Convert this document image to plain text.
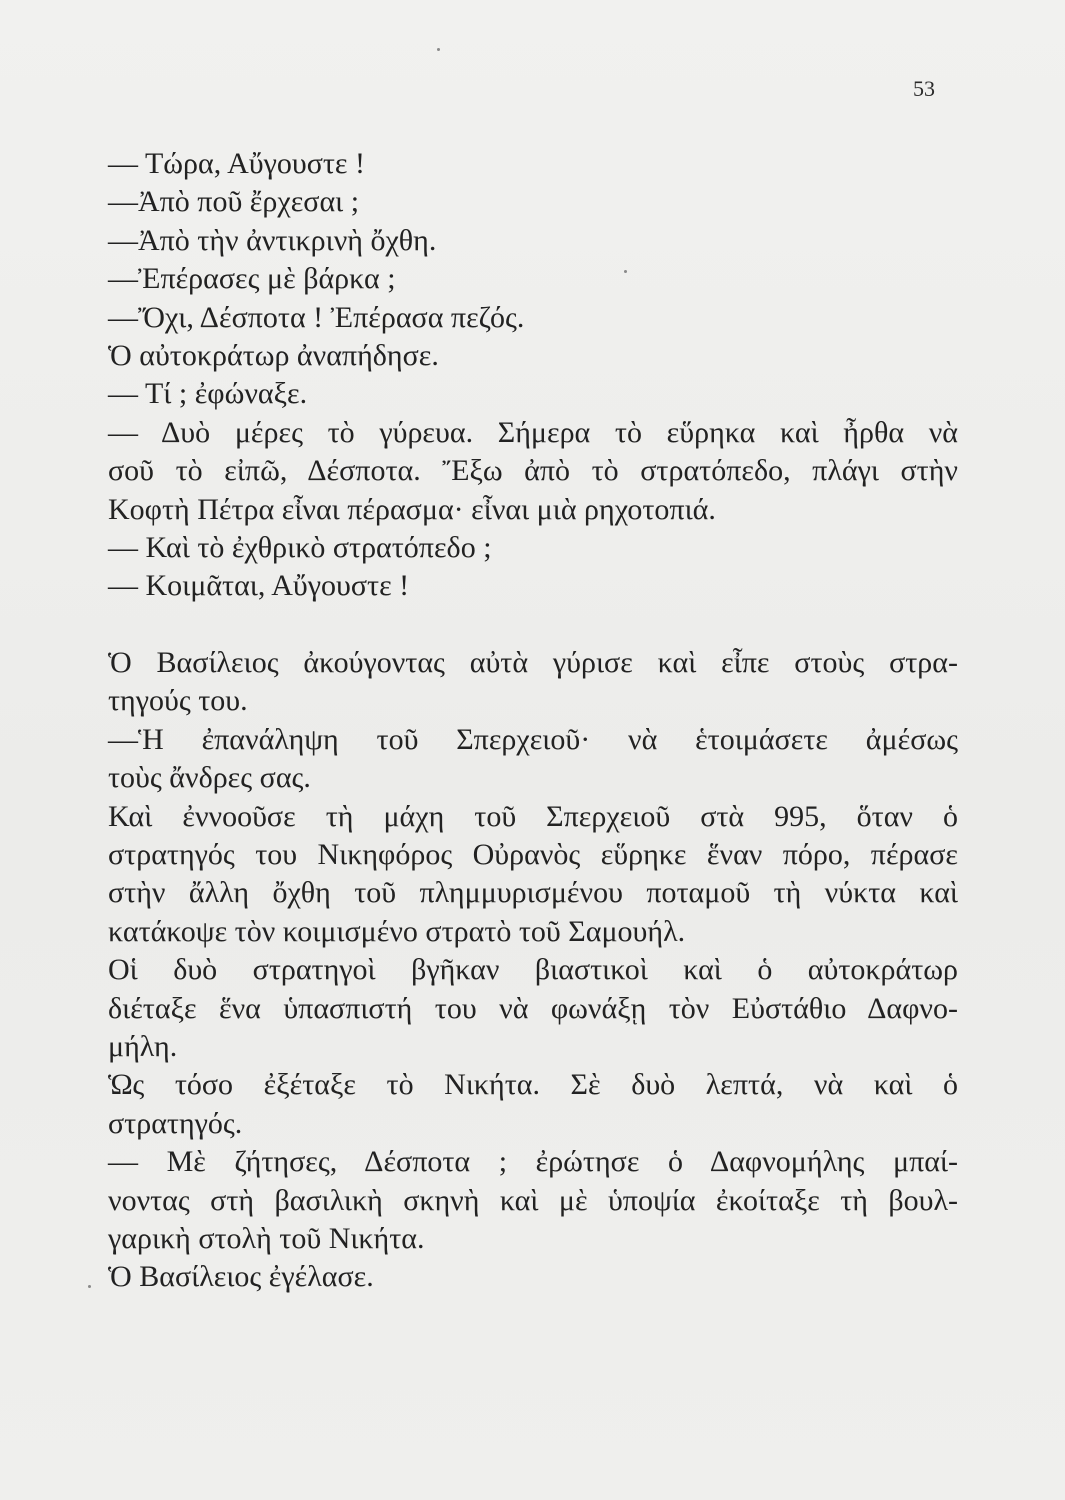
53

— Τώρα, Αὔγουστε !

—Ἀπὸ ποῦ ἔρχεσαι ;

—Ἀπὸ τὴν ἀντικρινὴ ὄχθη.

—Ἐπέρασες μὲ βάρκα ;

—Ὄχι, Δέσποτα ! Ἐπέρασα πεζός.

Ὁ αὐτοκράτωρ ἀναπήδησε.

— Τί ; ἐφώναξε.

— Δυὸ μέρες τὸ γύρευα. Σήμερα τὸ εὕρηκα καὶ ἦρθα νὰ

σοῦ τὸ εἰπῶ, Δέσποτα. Ἔξω ἀπὸ τὸ στρατόπεδο, πλάγι στὴν

Κοφτὴ Πέτρα εἶναι πέρασμα· εἶναι μιὰ ρηχοτοπιά.

— Καὶ τὸ ἐχθρικὸ στρατόπεδο ;

— Κοιμᾶται, Αὔγουστε !

Ὁ Βασίλειος ἀκούγοντας αὐτὰ γύρισε καὶ εἶπε στοὺς στρα-

τηγούς του.

—Ἡ ἐπανάληψη τοῦ Σπερχειοῦ· νὰ ἑτοιμάσετε ἀμέσως

τοὺς ἄνδρες σας.

Καὶ ἐννοοῦσε τὴ μάχη τοῦ Σπερχειοῦ στὰ 995, ὅταν ὁ

στρατηγός του Νικηφόρος Οὐρανὸς εὕρηκε ἕναν πόρο, πέρασε

στὴν ἄλλη ὄχθη τοῦ πλημμυρισμένου ποταμοῦ τὴ νύκτα καὶ

κατάκοψε τὸν κοιμισμένο στρατὸ τοῦ Σαμουήλ.

Οἱ δυὸ στρατηγοὶ βγῆκαν βιαστικοὶ καὶ ὁ αὐτοκράτωρ

διέταξε ἕνα ὑπασπιστή του νὰ φωνάξῃ τὸν Εὐστάθιο Δαφνο-

μήλη.

Ὡς τόσο ἐξέταξε τὸ Νικήτα. Σὲ δυὸ λεπτά, νὰ καὶ ὁ

στρατηγός.

— Μὲ ζήτησες, Δέσποτα ; ἐρώτησε ὁ Δαφνομήλης μπαί-

νοντας στὴ βασιλικὴ σκηνὴ καὶ μὲ ὑποψία ἐκοίταξε τὴ βουλ-

γαρικὴ στολὴ τοῦ Νικήτα.

Ὁ Βασίλειος ἐγέλασε.
